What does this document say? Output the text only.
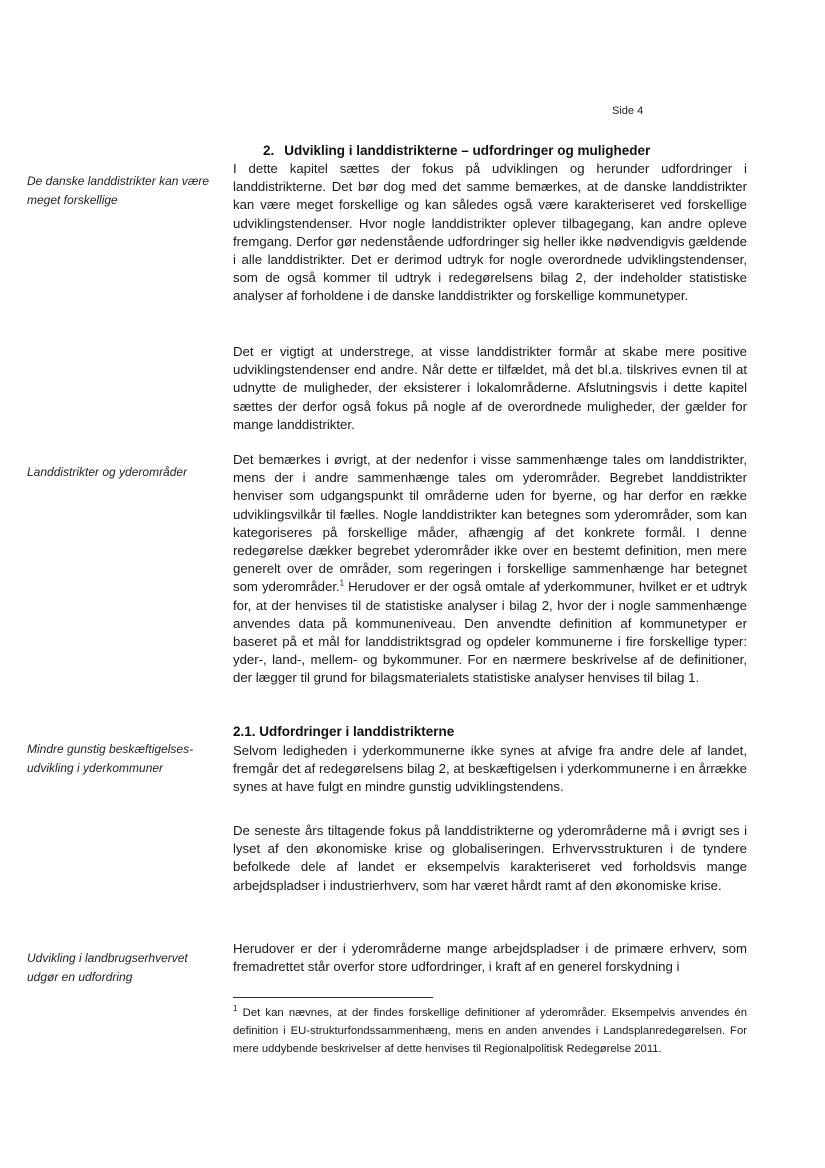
Side 4
De danske landdistrikter kan være meget forskellige
Landdistrikter og yderområder
Mindre gunstig beskæftigelses-udvikling i yderkommuner
Udvikling i landbrugserhvervet udgør en udfordring
2. Udvikling i landdistrikterne – udfordringer og muligheder
I dette kapitel sættes der fokus på udviklingen og herunder udfordringer i landdistrikterne. Det bør dog med det samme bemærkes, at de danske landdistrikter kan være meget forskellige og kan således også være karakteriseret ved forskellige udviklingstendenser. Hvor nogle landdistrikter oplever tilbagegang, kan andre opleve fremgang. Derfor gør nedenstående udfordringer sig heller ikke nødvendigvis gældende i alle landdistrikter. Det er derimod udtryk for nogle overordnede udviklingstendenser, som de også kommer til udtryk i redegørelsens bilag 2, der indeholder statistiske analyser af forholdene i de danske landdistrikter og forskellige kommunetyper.
Det er vigtigt at understrege, at visse landdistrikter formår at skabe mere positive udviklingstendenser end andre. Når dette er tilfældet, må det bl.a. tilskrives evnen til at udnytte de muligheder, der eksisterer i lokalområderne. Afslutningsvis i dette kapitel sættes der derfor også fokus på nogle af de overordnede muligheder, der gælder for mange landdistrikter.
Det bemærkes i øvrigt, at der nedenfor i visse sammenhænge tales om landdistrikter, mens der i andre sammenhænge tales om yderområder. Begrebet landdistrikter henviser som udgangspunkt til områderne uden for byerne, og har derfor en række udviklingsvilkår til fælles. Nogle landdistrikter kan betegnes som yderområder, som kan kategoriseres på forskellige måder, afhængig af det konkrete formål. I denne redegørelse dækker begrebet yderområder ikke over en bestemt definition, men mere generelt over de områder, som regeringen i forskellige sammenhænge har betegnet som yderområder.$^1$ Herudover er der også omtale af yderkommuner, hvilket er et udtryk for, at der henvises til de statistiske analyser i bilag 2, hvor der i nogle sammenhænge anvendes data på kommuneniveau. Den anvendte definition af kommunetyper er baseret på et mål for landdistriktsgrad og opdeler kommunerne i fire forskellige typer: yder-, land-, mellem- og bykommuner. For en nærmere beskrivelse af de definitioner, der lægger til grund for bilagsmaterialets statistiske analyser henvises til bilag 1.
2.1. Udfordringer i landdistrikterne
Selvom ledigheden i yderkommunerne ikke synes at afvige fra andre dele af landet, fremgår det af redegørelsens bilag 2, at beskæftigelsen i yderkommunerne i en årrække synes at have fulgt en mindre gunstig udviklingstendens.
De seneste års tiltagende fokus på landdistrikterne og yderområderne må i øvrigt ses i lyset af den økonomiske krise og globaliseringen. Erhvervsstrukturen i de tyndere befolkede dele af landet er eksempelvis karakteriseret ved forholdsvis mange arbejdspladser i industrierhverv, som har været hårdt ramt af den økonomiske krise.
Herudover er der i yderområderne mange arbejdspladser i de primære erhverv, som fremadrettet står overfor store udfordringer, i kraft af en generel forskydning i
$^1$ Det kan nævnes, at der findes forskellige definitioner af yderområder. Eksempelvis anvendes én definition i EU-strukturfondssammenhæng, mens en anden anvendes i Landsplanredegørelsen. For mere uddybende beskrivelser af dette henvises til Regionalpolitisk Redegørelse 2011.
